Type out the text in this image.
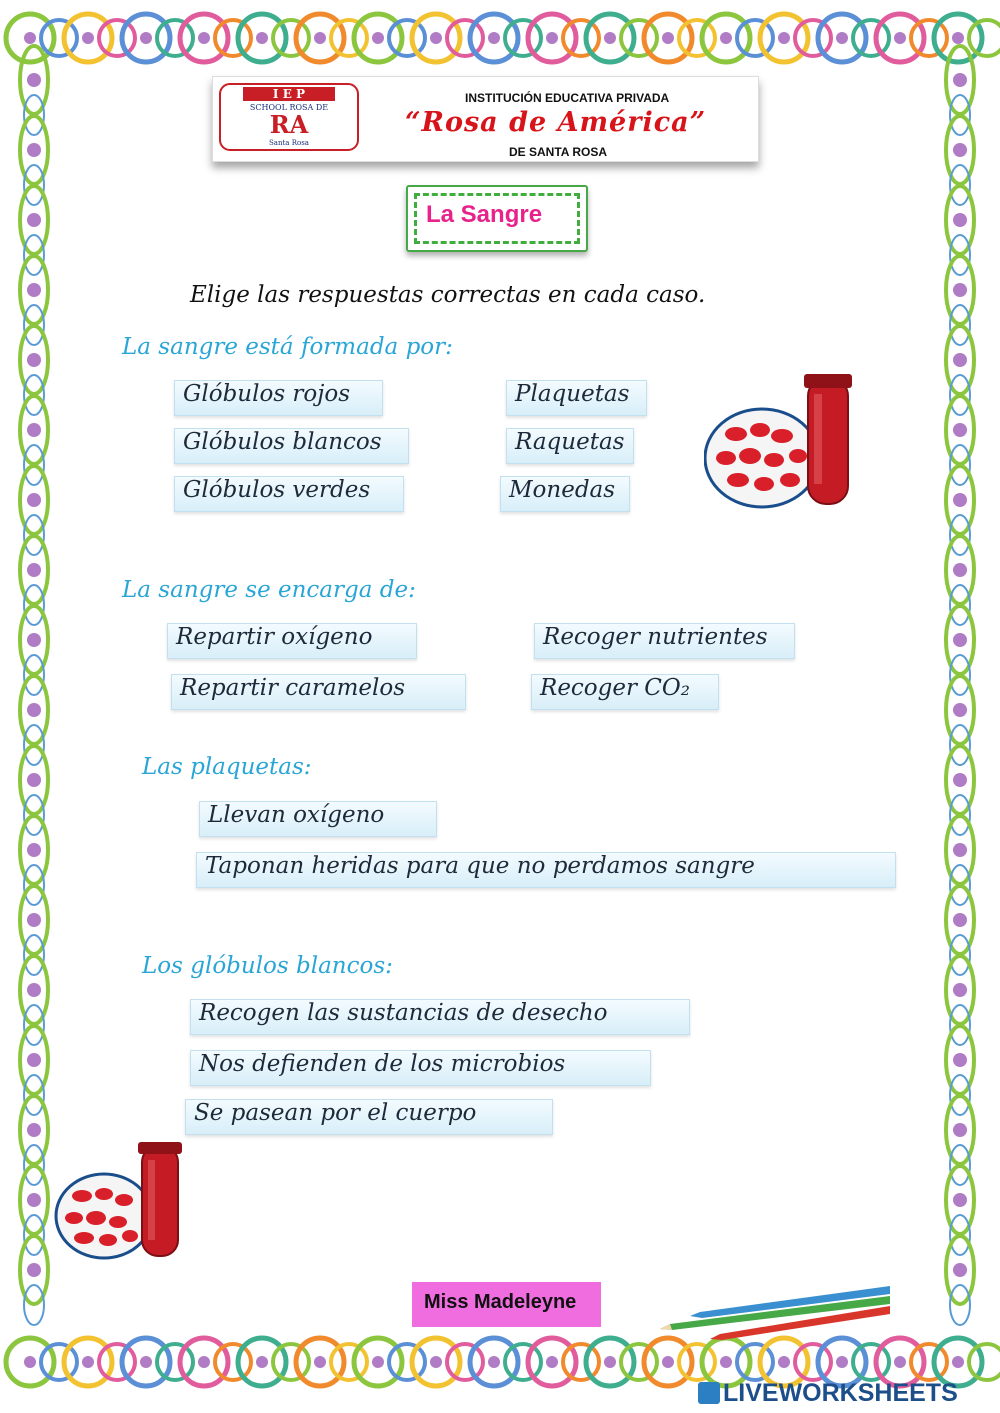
I E P
SCHOOL ROSA DE
RA
Santa Rosa
INSTITUCIÓN EDUCATIVA PRIVADA
“Rosa de América”
DE SANTA ROSA
La Sangre
Elige las respuestas correctas en cada caso.
La sangre está formada por:
Glóbulos rojos	Plaquetas
Glóbulos blancos	Raquetas
Glóbulos verdes	Monedas
La sangre se encarga de:
Repartir oxígeno	Recoger nutrientes
Repartir caramelos	Recoger CO₂
Las plaquetas:
Llevan oxígeno
Taponan heridas para que no perdamos sangre
Los glóbulos blancos:
Recogen las sustancias de desecho
Nos defienden de los microbios
Se pasean por el cuerpo
Miss Madeleyne
LIVEWORKSHEETS
